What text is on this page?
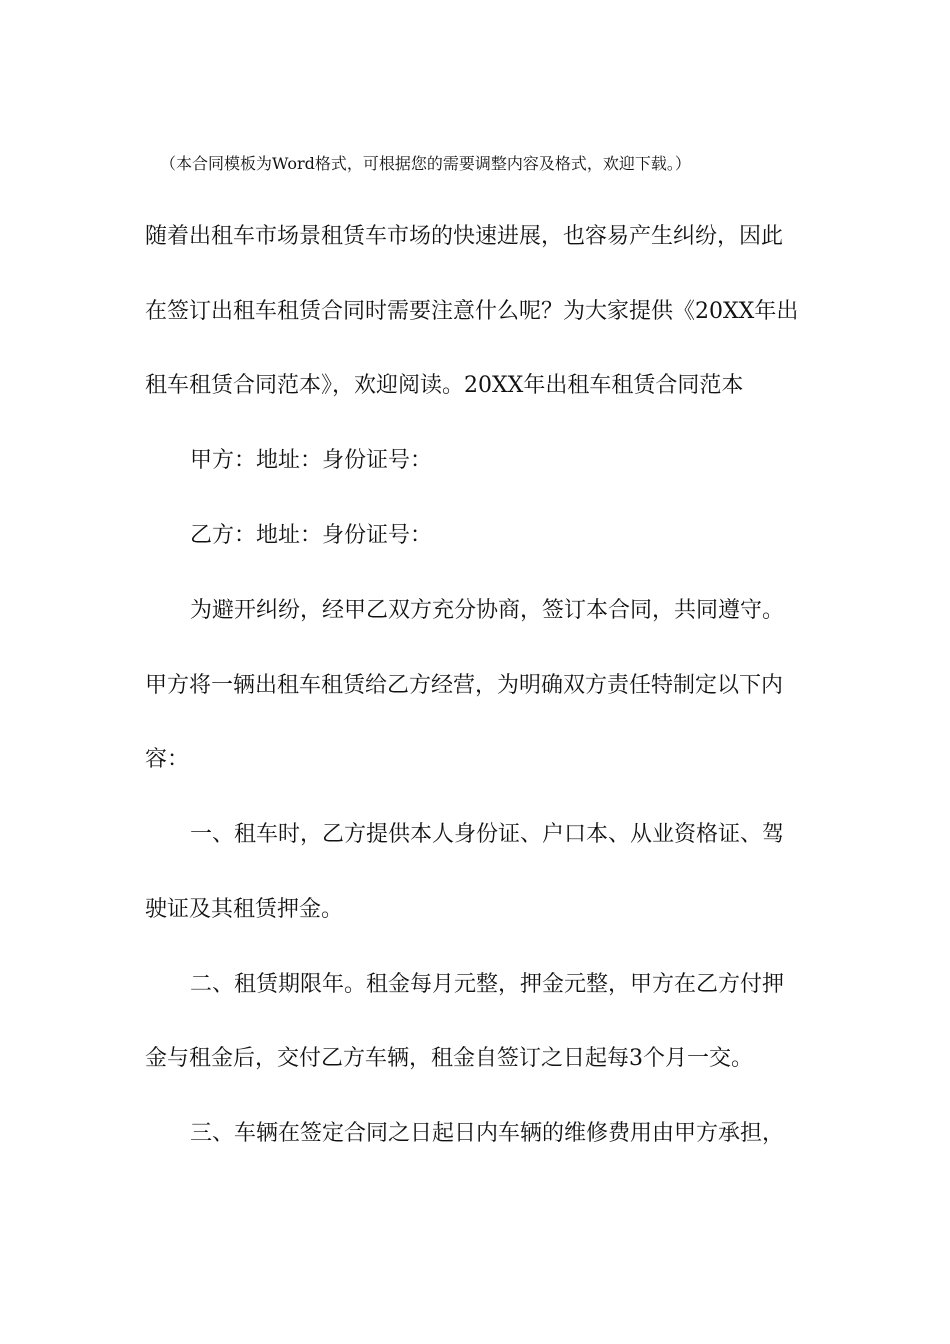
（本合同模板为Word格式，可根据您的需要调整内容及格式，欢迎下载。）
随着出租车市场景租赁车市场的快速进展，也容易产生纠纷，因此
在签订出租车租赁合同时需要注意什么呢？为大家提供《20XX年出
租车租赁合同范本》，欢迎阅读。20XX年出租车租赁合同范本
甲方：地址：身份证号：
乙方：地址：身份证号：
为避开纠纷，经甲乙双方充分协商，签订本合同，共同遵守。
甲方将一辆出租车租赁给乙方经营，为明确双方责任特制定以下内
容：
一、租车时，乙方提供本人身份证、户口本、从业资格证、驾
驶证及其租赁押金。
二、租赁期限年。租金每月元整，押金元整，甲方在乙方付押
金与租金后，交付乙方车辆，租金自签订之日起每3个月一交。
三、车辆在签定合同之日起日内车辆的维修费用由甲方承担，
